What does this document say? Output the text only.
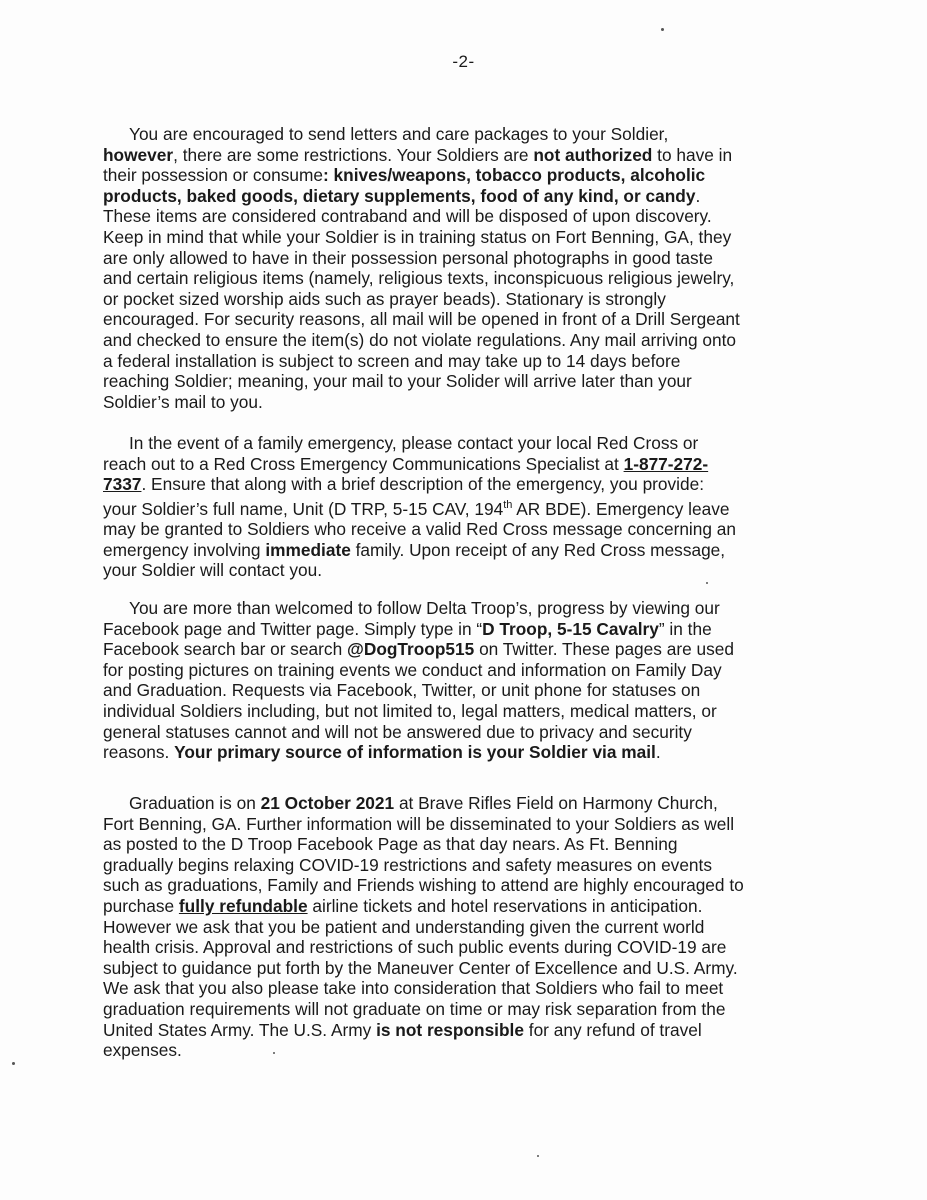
-2-
You are encouraged to send letters and care packages to your Soldier,
however, there are some restrictions. Your Soldiers are not authorized to have in
their possession or consume: knives/weapons, tobacco products, alcoholic
products, baked goods, dietary supplements, food of any kind, or candy.
These items are considered contraband and will be disposed of upon discovery.
Keep in mind that while your Soldier is in training status on Fort Benning, GA, they
are only allowed to have in their possession personal photographs in good taste
and certain religious items (namely, religious texts, inconspicuous religious jewelry,
or pocket sized worship aids such as prayer beads). Stationary is strongly
encouraged. For security reasons, all mail will be opened in front of a Drill Sergeant
and checked to ensure the item(s) do not violate regulations. Any mail arriving onto
a federal installation is subject to screen and may take up to 14 days before
reaching Soldier; meaning, your mail to your Solider will arrive later than your
Soldier’s mail to you.
In the event of a family emergency, please contact your local Red Cross or
reach out to a Red Cross Emergency Communications Specialist at 1-877-272-
7337. Ensure that along with a brief description of the emergency, you provide:
your Soldier’s full name, Unit (D TRP, 5-15 CAV, 194th AR BDE). Emergency leave
may be granted to Soldiers who receive a valid Red Cross message concerning an
emergency involving immediate family. Upon receipt of any Red Cross message,
your Soldier will contact you.
You are more than welcomed to follow Delta Troop’s, progress by viewing our
Facebook page and Twitter page. Simply type in “D Troop, 5-15 Cavalry” in the
Facebook search bar or search @DogTroop515 on Twitter. These pages are used
for posting pictures on training events we conduct and information on Family Day
and Graduation. Requests via Facebook, Twitter, or unit phone for statuses on
individual Soldiers including, but not limited to, legal matters, medical matters, or
general statuses cannot and will not be answered due to privacy and security
reasons. Your primary source of information is your Soldier via mail.
Graduation is on 21 October 2021 at Brave Rifles Field on Harmony Church,
Fort Benning, GA. Further information will be disseminated to your Soldiers as well
as posted to the D Troop Facebook Page as that day nears. As Ft. Benning
gradually begins relaxing COVID-19 restrictions and safety measures on events
such as graduations, Family and Friends wishing to attend are highly encouraged to
purchase fully refundable airline tickets and hotel reservations in anticipation.
However we ask that you be patient and understanding given the current world
health crisis. Approval and restrictions of such public events during COVID-19 are
subject to guidance put forth by the Maneuver Center of Excellence and U.S. Army.
We ask that you also please take into consideration that Soldiers who fail to meet
graduation requirements will not graduate on time or may risk separation from the
United States Army. The U.S. Army is not responsible for any refund of travel
expenses.
